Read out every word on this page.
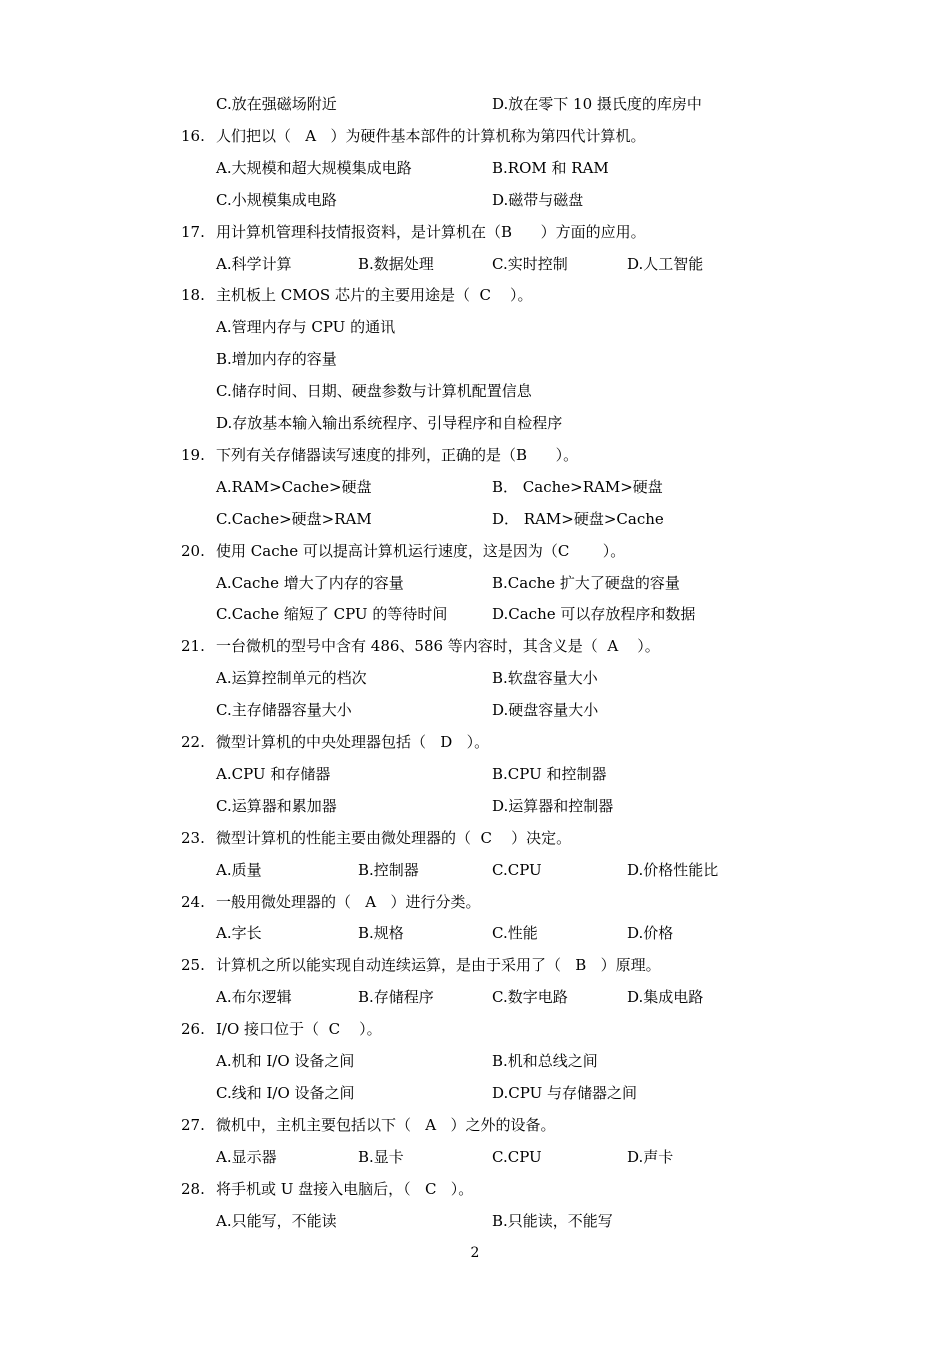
C.放在强磁场附近	D.放在零下 10 摄氏度的库房中
16. 人们把以（   A   ）为硬件基本部件的计算机称为第四代计算机。
A.大规模和超大规模集成电路	B.ROM 和 RAM
C.小规模集成电路	D.磁带与磁盘
17. 用计算机管理科技情报资料，是计算机在（B      ）方面的应用。
A.科学计算	B.数据处理	C.实时控制	D.人工智能
18. 主机板上 CMOS 芯片的主要用途是（  C    ）。
A.管理内存与 CPU 的通讯
B.增加内存的容量
C.储存时间、日期、硬盘参数与计算机配置信息
D.存放基本输入输出系统程序、引导程序和自检程序
19. 下列有关存储器读写速度的排列，正确的是（B      ）。
A.RAM>Cache>硬盘	B． Cache>RAM>硬盘
C.Cache>硬盘>RAM	D． RAM>硬盘>Cache
20. 使用 Cache 可以提高计算机运行速度，这是因为（C       ）。
A.Cache 增大了内存的容量	B.Cache 扩大了硬盘的容量
C.Cache 缩短了 CPU 的等待时间	D.Cache 可以存放程序和数据
21. 一台微机的型号中含有 486、586 等内容时，其含义是（  A    ）。
A.运算控制单元的档次	B.软盘容量大小
C.主存储器容量大小	D.硬盘容量大小
22. 微型计算机的中央处理器包括（   D   ）。
A.CPU 和存储器	B.CPU 和控制器
C.运算器和累加器	D.运算器和控制器
23. 微型计算机的性能主要由微处理器的（  C    ）决定。
A.质量	B.控制器	C.CPU	D.价格性能比
24. 一般用微处理器的（   A   ）进行分类。
A.字长	B.规格	C.性能	D.价格
25. 计算机之所以能实现自动连续运算，是由于采用了（   B   ）原理。
A.布尔逻辑	B.存储程序	C.数字电路	D.集成电路
26. I/O 接口位于（  C    ）。
A.机和 I/O 设备之间	B.机和总线之间
C.线和 I/O 设备之间	D.CPU 与存储器之间
27. 微机中，主机主要包括以下（   A   ）之外的设备。
A.显示器	B.显卡	C.CPU	D.声卡
28. 将手机或 U 盘接入电脑后，（   C   ）。
A.只能写，不能读	B.只能读，不能写
2
